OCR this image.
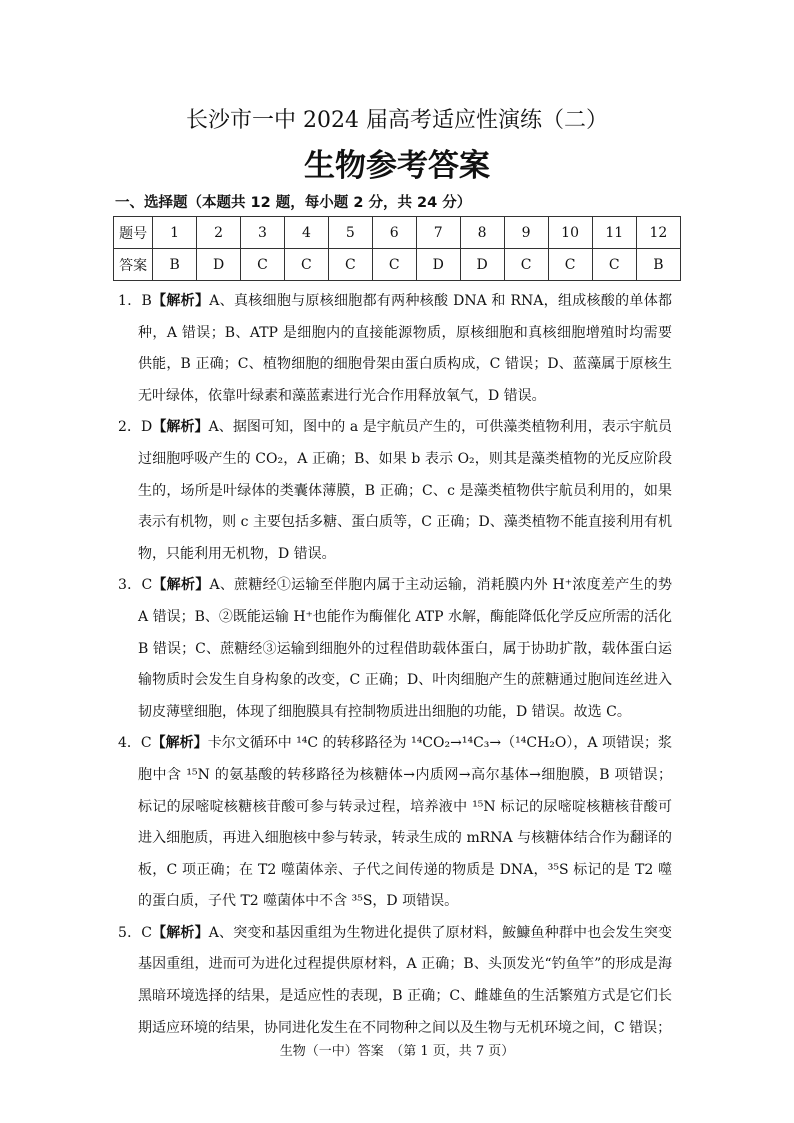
长沙市一中 2024 届高考适应性演练（二）
生物参考答案
一、选择题（本题共 12 题，每小题 2 分，共 24 分）
题号	1	2	3	4	5	6	7	8	9	10	11	12
答案	B	D	C	C	C	C	D	D	C	C	C	B
1．B【解析】A、真核细胞与原核细胞都有两种核酸 DNA 和 RNA，组成核酸的单体都
种，A 错误；B、ATP 是细胞内的直接能源物质，原核细胞和真核细胞增殖时均需要
供能，B 正确；C、植物细胞的细胞骨架由蛋白质构成，C 错误；D、蓝藻属于原核生
无叶绿体，依靠叶绿素和藻蓝素进行光合作用释放氧气，D 错误。
2．D【解析】A、据图可知，图中的 a 是宇航员产生的，可供藻类植物利用，表示宇航员
过细胞呼吸产生的 CO₂，A 正确；B、如果 b 表示 O₂，则其是藻类植物的光反应阶段
生的，场所是叶绿体的类囊体薄膜，B 正确；C、c 是藻类植物供宇航员利用的，如果
表示有机物，则 c 主要包括多糖、蛋白质等，C 正确；D、藻类植物不能直接利用有机
物，只能利用无机物，D 错误。
3．C【解析】A、蔗糖经①运输至伴胞内属于主动运输，消耗膜内外 H⁺浓度差产生的势
A 错误；B、②既能运输 H⁺也能作为酶催化 ATP 水解，酶能降低化学反应所需的活化
B 错误；C、蔗糖经③运输到细胞外的过程借助载体蛋白，属于协助扩散，载体蛋白运
输物质时会发生自身构象的改变，C 正确；D、叶肉细胞产生的蔗糖通过胞间连丝进入
韧皮薄壁细胞，体现了细胞膜具有控制物质进出细胞的功能，D 错误。故选 C。
4．C【解析】卡尔文循环中 ¹⁴C 的转移路径为 ¹⁴CO₂→¹⁴C₃→（¹⁴CH₂O），A 项错误；浆
胞中含 ¹⁵N 的氨基酸的转移路径为核糖体→内质网→高尔基体→细胞膜，B 项错误；
标记的尿嘧啶核糖核苷酸可参与转录过程，培养液中 ¹⁵N 标记的尿嘧啶核糖核苷酸可
进入细胞质，再进入细胞核中参与转录，转录生成的 mRNA 与核糖体结合作为翻译的
板，C 项正确；在 T2 噬菌体亲、子代之间传递的物质是 DNA，³⁵S 标记的是 T2 噬
的蛋白质，子代 T2 噬菌体中不含 ³⁵S，D 项错误。
5．C【解析】A、突变和基因重组为生物进化提供了原材料，鮟鱇鱼种群中也会发生突变
基因重组，进而可为进化过程提供原材料，A 正确；B、头顶发光“钓鱼竿”的形成是海
黑暗环境选择的结果，是适应性的表现，B 正确；C、雌雄鱼的生活繁殖方式是它们长
期适应环境的结果，协同进化发生在不同物种之间以及生物与无机环境之间，C 错误；
生物（一中）答案　（第 1 页，共 7 页）
